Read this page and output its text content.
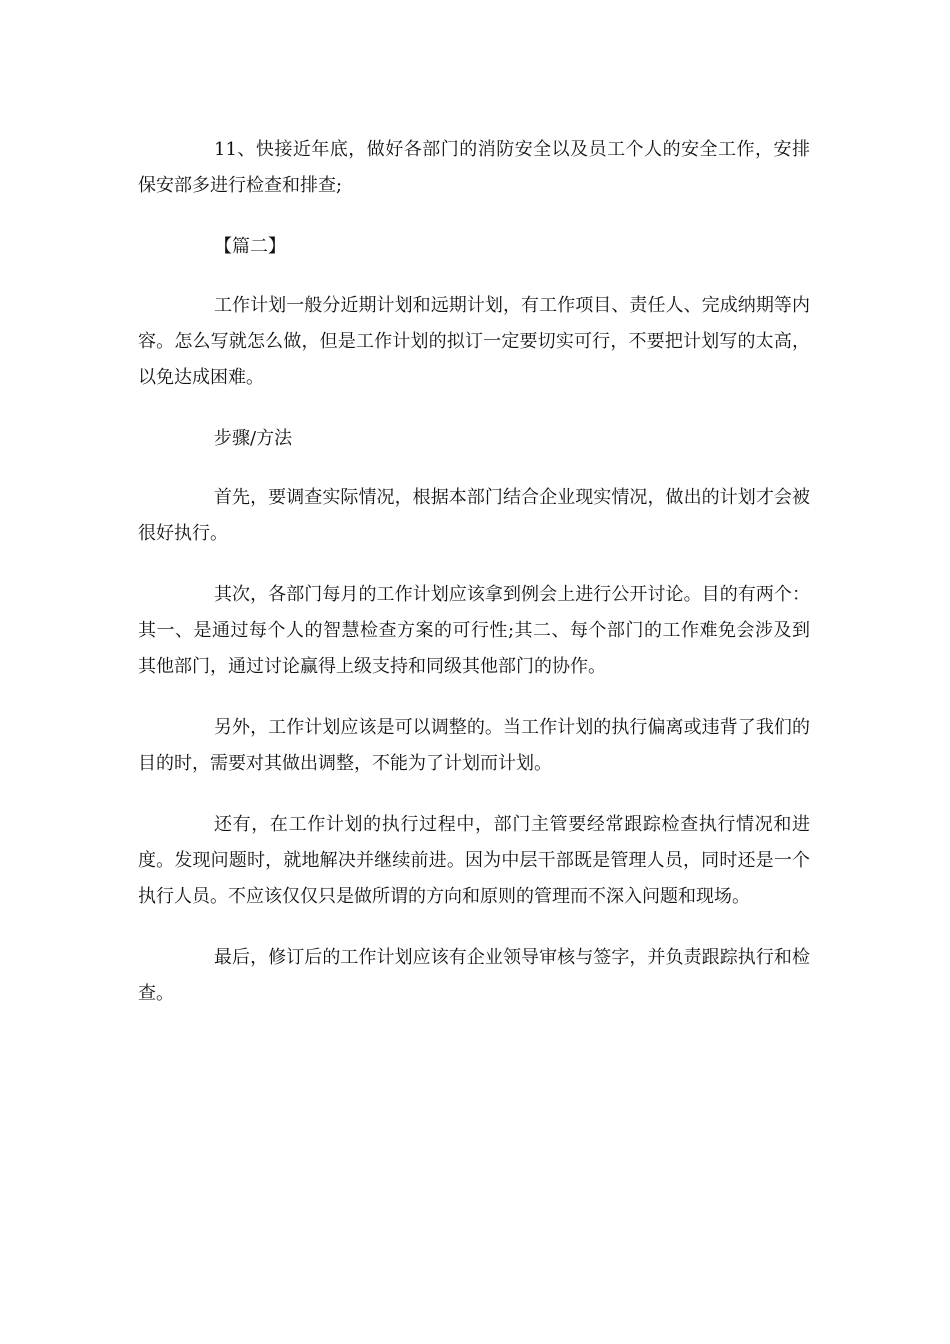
11、快接近年底，做好各部门的消防安全以及员工个人的安全工作，安排保安部多进行检查和排查;

【篇二】

工作计划一般分近期计划和远期计划，有工作项目、责任人、完成纳期等内容。怎么写就怎么做，但是工作计划的拟订一定要切实可行，不要把计划写的太高，以免达成困难。

步骤/方法

首先，要调查实际情况，根据本部门结合企业现实情况，做出的计划才会被很好执行。

其次，各部门每月的工作计划应该拿到例会上进行公开讨论。目的有两个：其一、是通过每个人的智慧检查方案的可行性;其二、每个部门的工作难免会涉及到其他部门，通过讨论赢得上级支持和同级其他部门的协作。

另外，工作计划应该是可以调整的。当工作计划的执行偏离或违背了我们的目的时，需要对其做出调整，不能为了计划而计划。

还有，在工作计划的执行过程中，部门主管要经常跟踪检查执行情况和进度。发现问题时，就地解决并继续前进。因为中层干部既是管理人员，同时还是一个执行人员。不应该仅仅只是做所谓的方向和原则的管理而不深入问题和现场。

最后，修订后的工作计划应该有企业领导审核与签字，并负责跟踪执行和检查。
